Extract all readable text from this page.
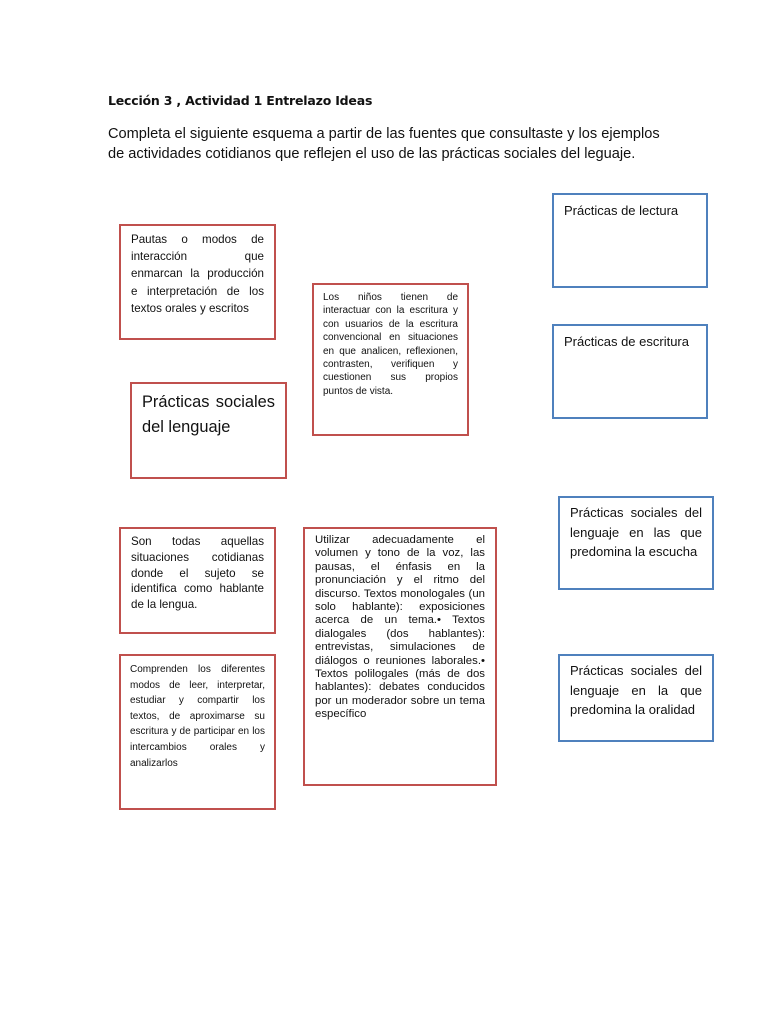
Lección 3 , Actividad 1 Entrelazo Ideas
Completa el siguiente esquema a partir de las fuentes que consultaste y los ejemplos de actividades cotidianos que reflejen el uso de las prácticas sociales del leguaje.

Pautas o modos de interacción que enmarcan la producción e interpretación de los textos orales y escritos

Los niños tienen de interactuar con la escritura y con usuarios de la escritura convencional en situaciones en que analicen, reflexionen, contrasten, verifiquen y cuestionen sus propios puntos de vista.

Prácticas sociales del lenguaje

Son todas aquellas situaciones cotidianas donde el sujeto se identifica como hablante de la lengua.

Utilizar adecuadamente el volumen y tono de la voz, las pausas, el énfasis en la pronunciación y el ritmo del discurso. Textos monologales (un solo hablante): exposiciones acerca de un tema.• Textos dialogales (dos hablantes): entrevistas, simulaciones de diálogos o reuniones laborales.• Textos polilogales (más de dos hablantes): debates conducidos por un moderador sobre un tema específico

Comprenden los diferentes modos de leer, interpretar, estudiar y compartir los textos, de aproximarse su escritura y de participar en los intercambios orales y analizarlos

Prácticas de lectura

Prácticas de escritura

Prácticas sociales del lenguaje en las que predomina la escucha

Prácticas sociales del lenguaje en la que predomina la oralidad
